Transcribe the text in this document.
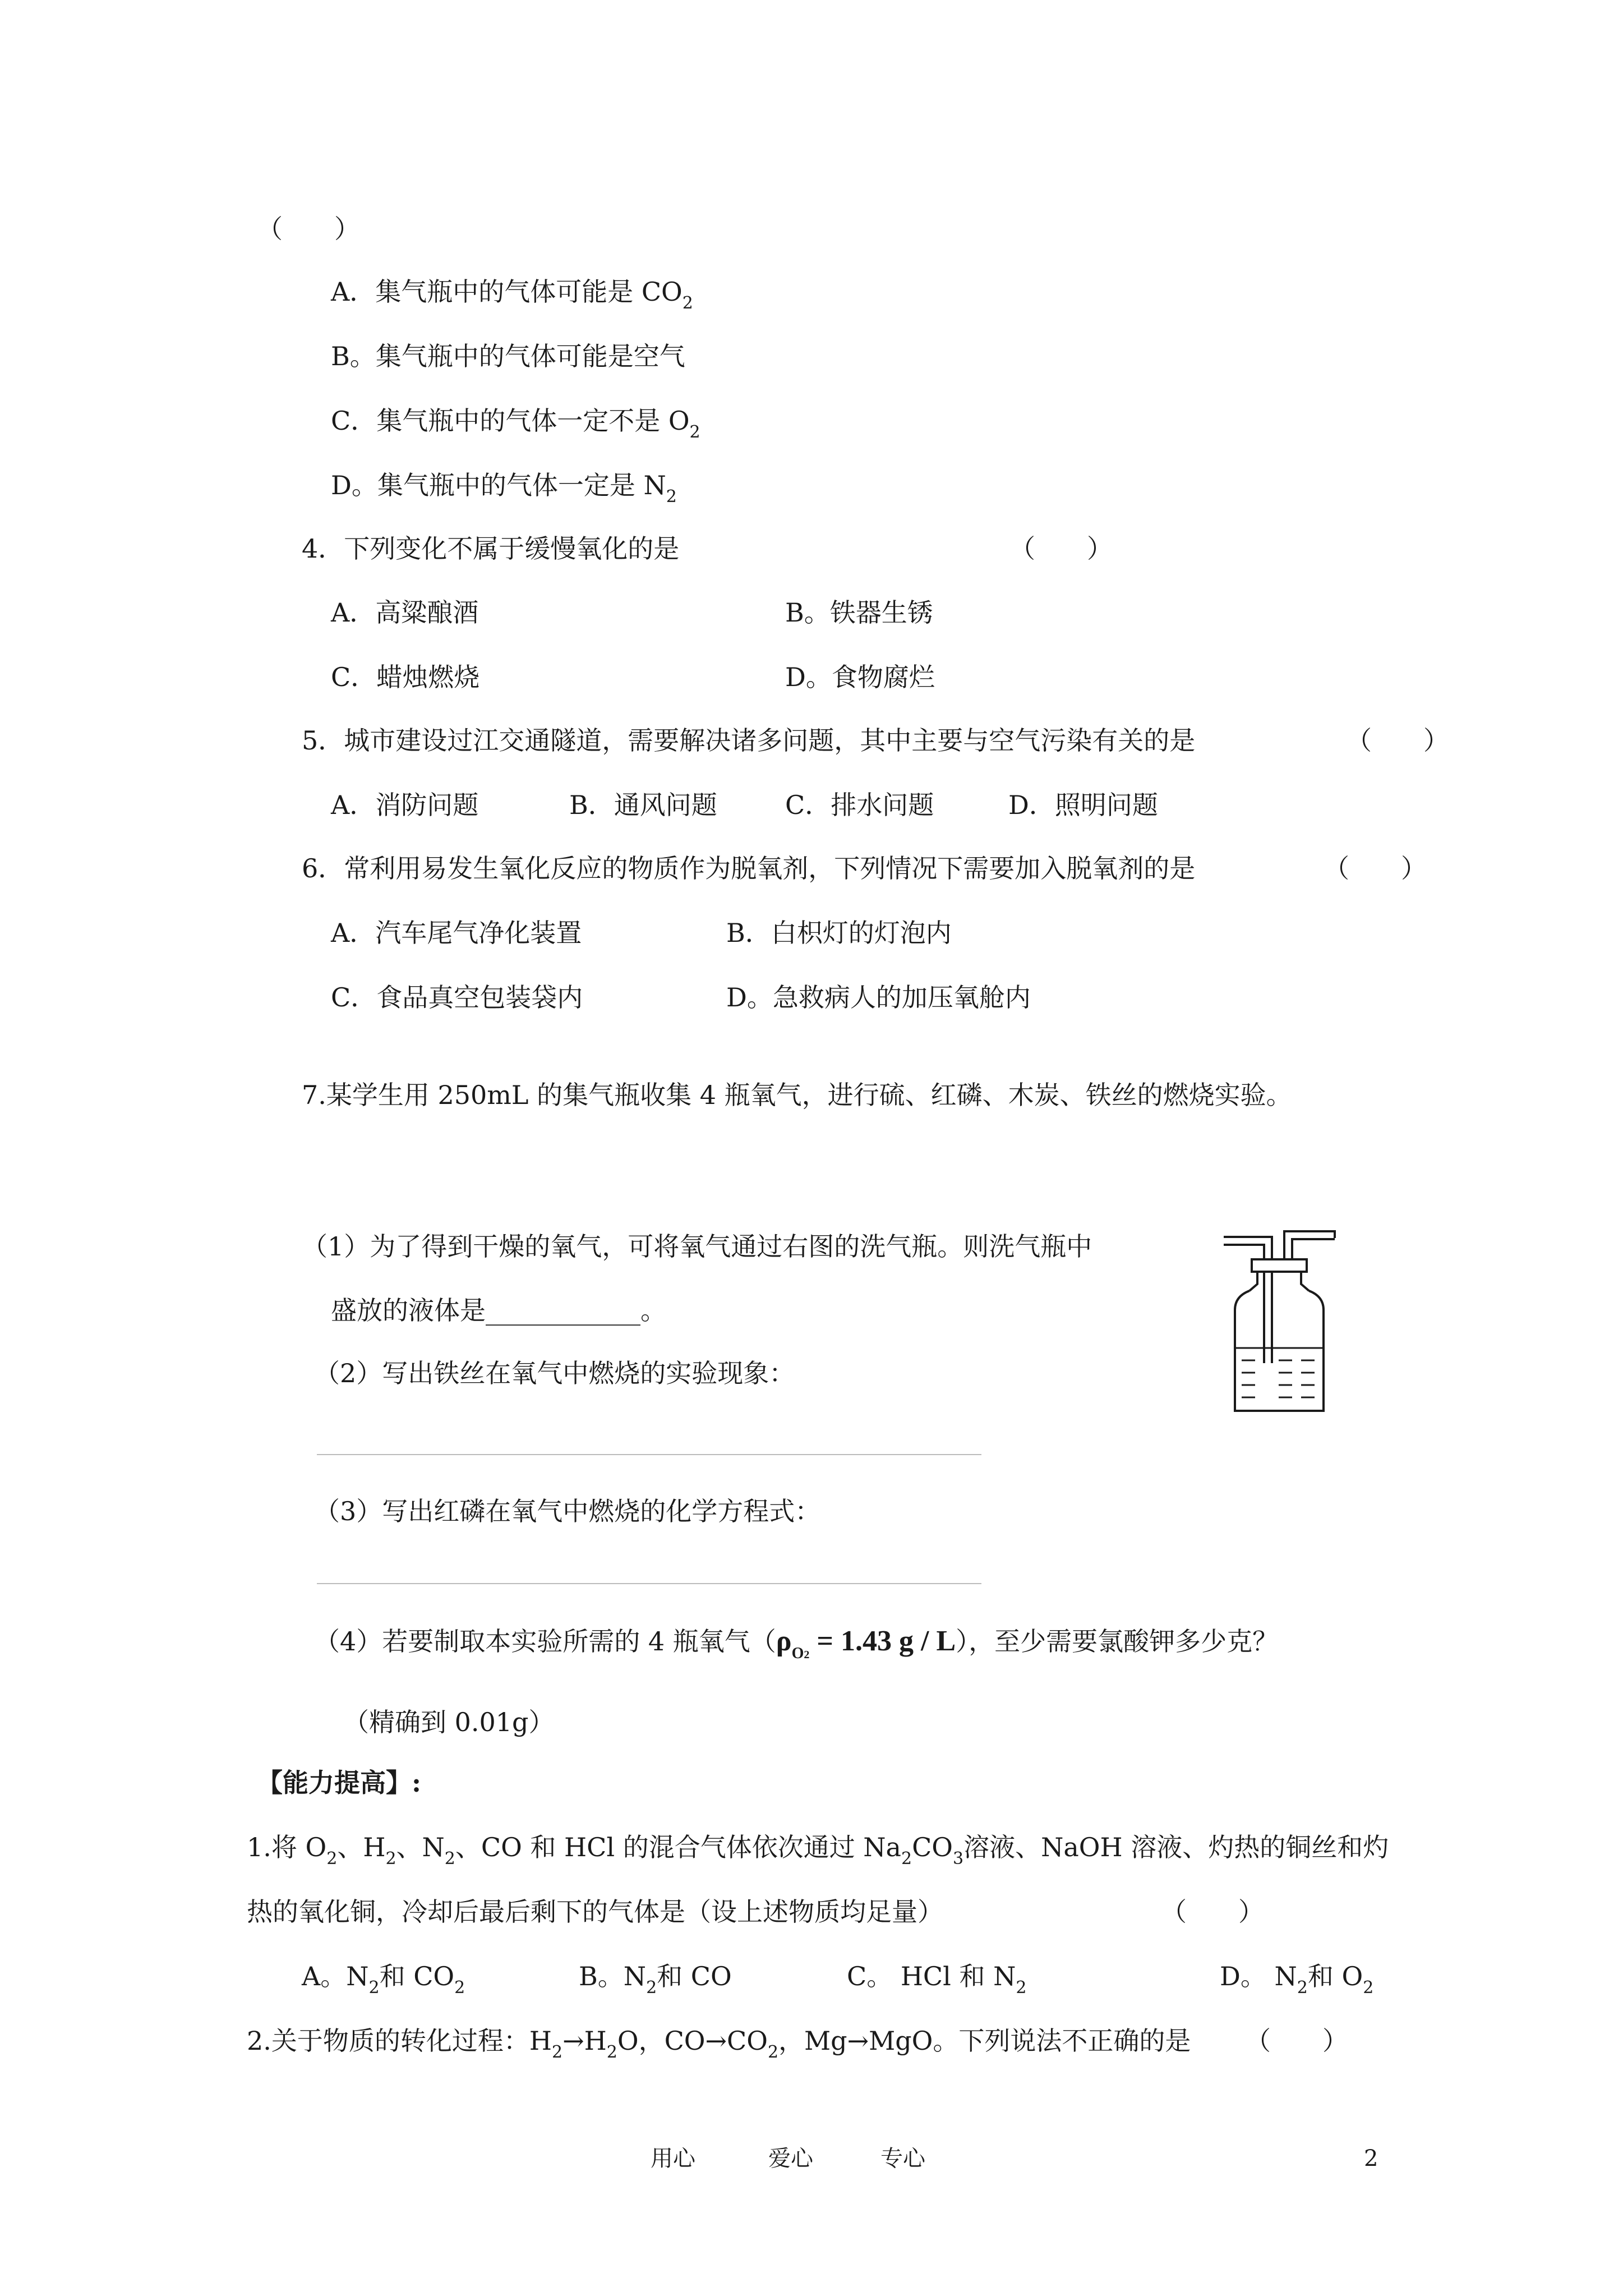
（　　）
A．集气瓶中的气体可能是 $CO_2$
B。集气瓶中的气体可能是空气
C．集气瓶中的气体一定不是 $O_2$
D。集气瓶中的气体一定是 $N_2$
4．下列变化不属于缓慢氧化的是	（　　）
A．高粱酿酒	B。铁器生锈
C．蜡烛燃烧	D。食物腐烂
5．城市建设过江交通隧道，需要解决诸多问题，其中主要与空气污染有关的是	（　　）
A．消防问题	B．通风问题	C．排水问题	D．照明问题
6．常利用易发生氧化反应的物质作为脱氧剂，下列情况下需要加入脱氧剂的是	（　　）
A．汽车尾气净化装置	B．白枳灯的灯泡内
C．食品真空包装袋内	D。急救病人的加压氧舱内
7.某学生用 250mL 的集气瓶收集 4 瓶氧气，进行硫、红磷、木炭、铁丝的燃烧实验。
（1）为了得到干燥的氧气，可将氧气通过右图的洗气瓶。则洗气瓶中
盛放的液体是____________。
（2）写出铁丝在氧气中燃烧的实验现象：
（3）写出红磷在氧气中燃烧的化学方程式：
（4）若要制取本实验所需的 4 瓶氧气（$\rho_{O2} = 1.43$ g / L），至少需要氯酸钾多少克？
（精确到 0.01g）
【能力提高】:
1.将 $O_2$、$H_2$、$N_2$、CO 和 HCl 的混合气体依次通过 $Na_2CO_3$溶液、NaOH 溶液、灼热的铜丝和灼
热的氧化铜，冷却后最后剩下的气体是（设上述物质均足量）	（　　）
A。$N_2$和 $CO_2$	B。$N_2$和 CO	C。 HCl 和 $N_2$	D。 $N_2$和 $O_2$
2.关于物质的转化过程：$H_2\to H_2O$，$CO\to CO_2$，Mg→MgO。下列说法不正确的是 （　　）
用心	爱心	专心	2
